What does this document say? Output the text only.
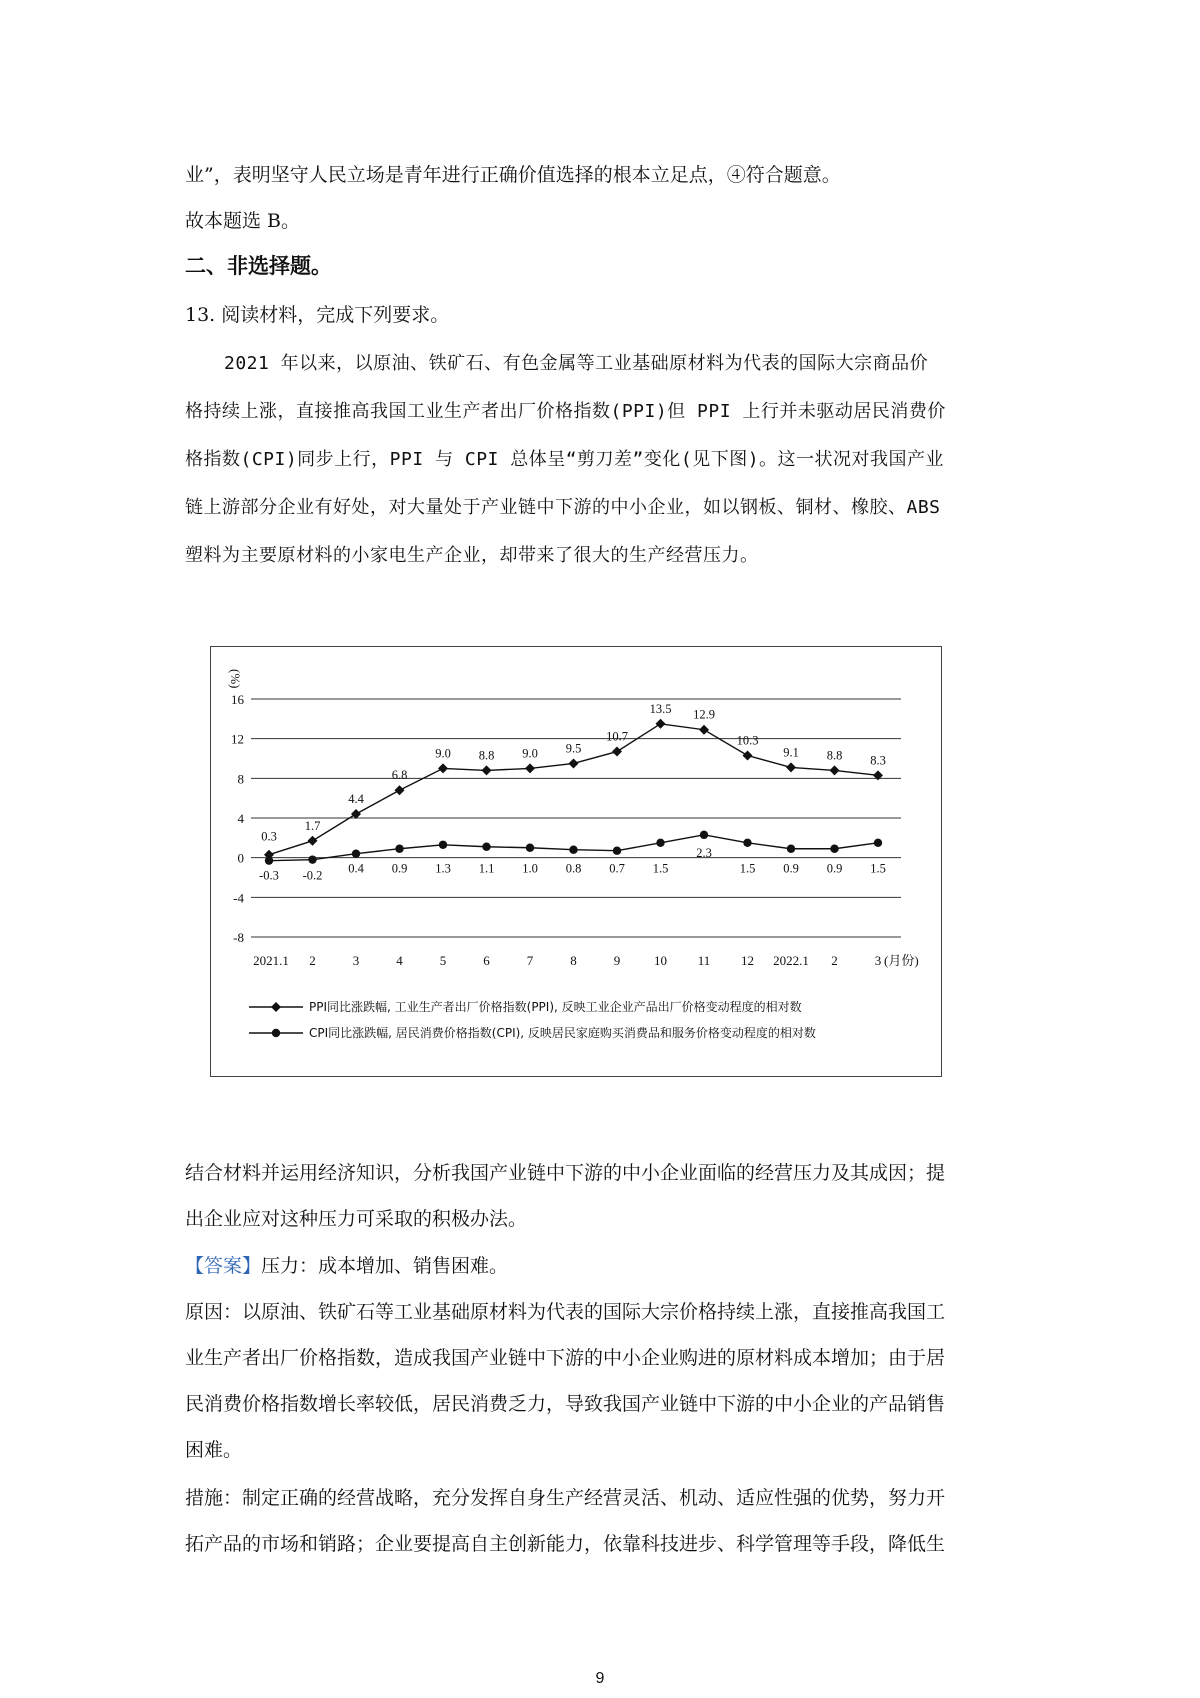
业”，表明坚守人民立场是青年进行正确价值选择的根本立足点，④符合题意。
故本题选 B。
二、非选择题。
13. 阅读材料，完成下列要求。
2021 年以来，以原油、铁矿石、有色金属等工业基础原材料为代表的国际大宗商品价
格持续上涨，直接推高我国工业生产者出厂价格指数(PPI)但 PPI 上行并未驱动居民消费价
格指数(CPI)同步上行，PPI 与 CPI 总体呈“剪刀差”变化(见下图)。这一状况对我国产业
链上游部分企业有好处，对大量处于产业链中下游的中小企业，如以钢板、铜材、橡胶、ABS
塑料为主要原材料的小家电生产企业，却带来了很大的生产经营压力。
16
12
8
4
0
-4
-8
(%)
2021.1 2	3	4	5	6	7	8	9	10 11 12 2022.1 2	3 (月份)
0.3
1.7
4.4
6.8
9.0 8.8 9.0 9.5
10.7
13.5 12.9
10.3
9.1 8.8 8.3
-0.3 -0.2 0.4 0.9 1.3 1.1 1.0 0.8 0.7 1.5
2.3
1.5 0.9 0.9 1.5
PPI同比涨跌幅, 工业生产者出厂价格指数(PPI), 反映工业企业产品出厂价格变动程度的相对数
CPI同比涨跌幅, 居民消费价格指数(CPI), 反映居民家庭购买消费品和服务价格变动程度的相对数
结合材料并运用经济知识，分析我国产业链中下游的中小企业面临的经营压力及其成因；提
出企业应对这种压力可采取的积极办法。
【答案】压力：成本增加、销售困难。
原因：以原油、铁矿石等工业基础原材料为代表的国际大宗价格持续上涨，直接推高我国工
业生产者出厂价格指数，造成我国产业链中下游的中小企业购进的原材料成本增加；由于居
民消费价格指数增长率较低，居民消费乏力，导致我国产业链中下游的中小企业的产品销售
困难。
措施：制定正确的经营战略，充分发挥自身生产经营灵活、机动、适应性强的优势，努力开
拓产品的市场和销路；企业要提高自主创新能力，依靠科技进步、科学管理等手段，降低生
9
